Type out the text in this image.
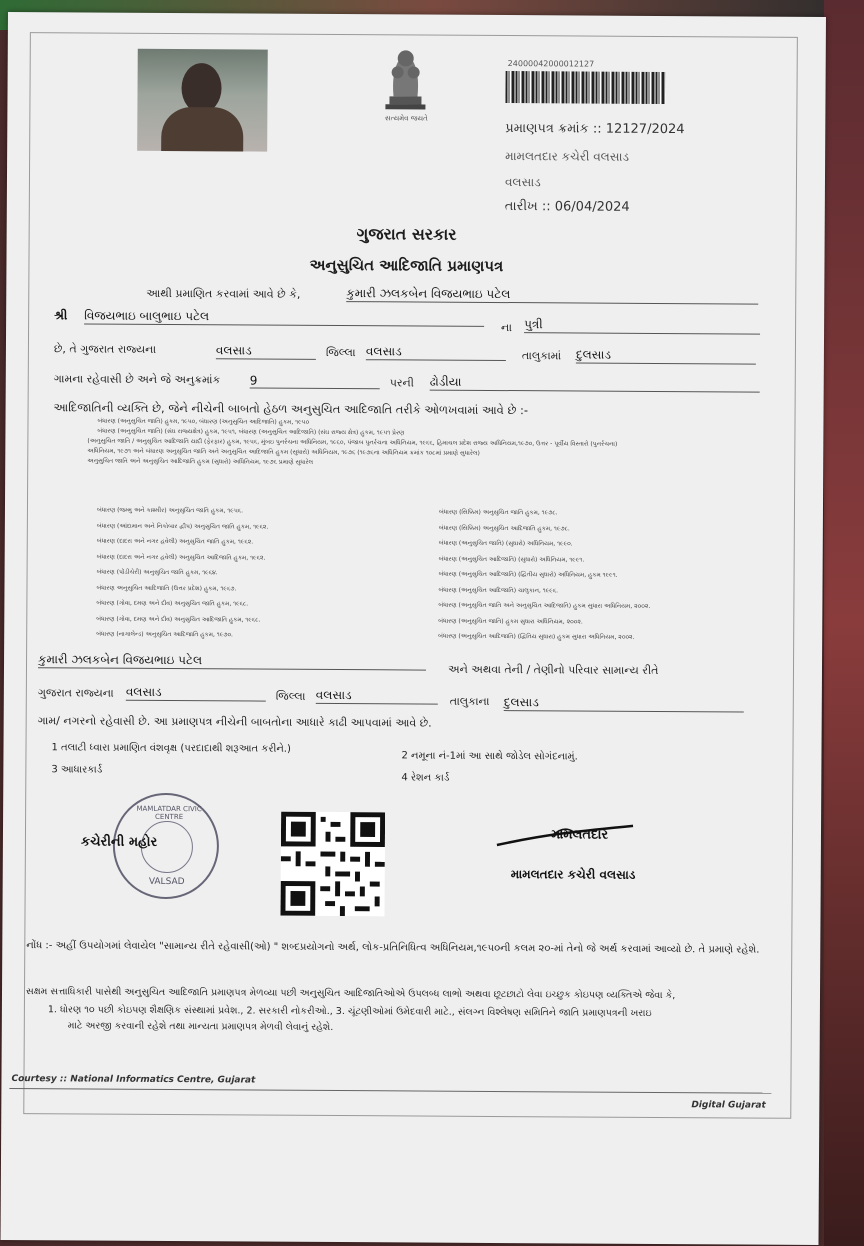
સત્યમેવ જયતે
24000042000012127
પ્રમાણપત્ર ક્રમાંક :: 12127/2024
મામલતદાર કચેરી વલસાડ
વલસાડ
તારીખ :: 06/04/2024
ગુજરાત સરકાર
અનુસુચિત આદિજાતિ પ્રમાણપત્ર
આથી પ્રમાણિત કરવામાં આવે છે કે,	કુમારી ઝલકબેન વિજયભાઇ પટેલ
શ્રી વિજયભાઇ બાલુભાઇ પટેલ
ના પુત્રી
છે, તે ગુજરાત રાજ્યના	વલસાડ	જિલ્લા વલસાડ	તાલુકામાં દુલસાડ
ગામના રહેવાસી છે અને જે અનુક્રમાંક 9	પરની ઢોડીયા
આદિજાતિની વ્યક્તિ છે, જેને નીચેની બાબતો હેઠળ અનુસુચિત આદિજાતિ તરીકે ઓળખવામાં આવે છે :-
બંધારણ (અનુસુચિત જાતિ) હુકમ, ૧૯૫૦, બંધારણ (અનુસુચિત આદિજાતિ) હુકમ, ૧૯૫૦
બંધારણ (અનુસુચિત જાતિ) (સંઘ રાજ્યક્ષેત્ર) હુકમ, ૧૯૫૧, બંધારણ (અનુસુચિત આદિજાતિ) (સંઘ રાજ્ય ક્ષેત્ર) હુકમ, ૧૯૫૧ પ્રેરણ
(અનુસુચિત જાતિ / અનુસુચિત આદિજાતિ યાદી (ફેરફાર) હુકમ, ૧૯૫૬, મુંબઇ પુનર્રચના અધિનિયમ, ૧૯૬૦, પંજાબ પુનર્રચના અધિનિયમ, ૧૯૬૬, હિમાચલ પ્રદેશ રાજ્ય અધિનિયમ,૧૯૭૦, ઉત્તર - પૂર્વીય વિસ્તારો (પુનર્રચના)
અધિનિયમ, ૧૯૭૧ અને બંધારણ અનુસુચિત જાતિ અને અનુસુચિત આદિજાતિ હુકમ (સુધારો) અધિનિયમ, ૧૯૭૬ (૧૯૭૬ના અધિનિયમ ક્રમાંક ૧૦૮માં પ્રમાણે સુધારેલ)
અનુસુચિત જાતિ અને અનુસુચિત આદિજાતિ હુકમ (સુધારો) અધિનિયમ, ૧૯૭૬ પ્રમાણે સુધારેલ
બંધારણ (જમ્મુ અને કાશ્મીર) અનુસુચિત જાતિ હુકમ, ૧૯૫૬.
બંધારણ (આંદામાન અને નિકોબાર દ્વીપ) અનુસુચિત જાતિ હુકમ, ૧૯૬૨.
બંધારણ (દાદરા અને નગર હવેલી) અનુસુચિત જાતિ હુકમ, ૧૯૬૨.
બંધારણ (દાદરા અને નગર હવેલી) અનુસુચિત આદિજાતિ હુકમ, ૧૯૬૨.
બંધારણ (પોંડીચેરી) અનુસુચિત જાતિ હુકમ, ૧૯૬૪.
બંધારણ અનુસુચિત આદિજાતિ (ઉત્તર પ્રદેશ) હુકમ, ૧૯૬૭.
બંધારણ (ગોવા, દમણ અને દીવ) અનુસુચિત જાતિ હુકમ, ૧૯૬૮.
બંધારણ (ગોવા, દમણ અને દીવ) અનુસુચિત આદિજાતિ હુકમ, ૧૯૬૮.
બંધારણ (નાગાલેન્ડ) અનુસુચિત આદિજાતિ હુકમ, ૧૯૭૦.
બંધારણ (સિક્કિમ) અનુસુચિત જાતિ હુકમ, ૧૯૭૮.
બંધારણ (સિક્કિમ) અનુસુચિત આદિજાતિ હુકમ, ૧૯૭૮.
બંધારણ (અનુસુચિત જાતિ) (સુધારો) અધિનિયમ, ૧૯૯૦.
બંધારણ (અનુસુચિત આદિજાતિ) (સુધારો) અધિનિયમ, ૧૯૯૧.
બંધારણ (અનુસુચિત આદિજાતિ) (દ્વિતીય સુધારો) અધિનિયમ, હુકમ ૧૯૯૧.
બંધારણ (અનુસુચિત આદિજાતિ) ચાલુકાન, ૧૯૯૬.
બંધારણ (અનુસુચિત જાતિ અને અનુસુચિત આદિજાતિ) હુકમ સુધારા અધિનિયમ, ૨૦૦૨.
બંધારણ (અનુસુચિત જાતિ) હુકમ સુધારા અધિનિયમ, ૨૦૦૨.
બંધારણ (અનુસુચિત આદિજાતિ) (દ્વિતિય સુધારા) હુકમ સુધારા અધિનિયમ, ૨૦૦૨.
કુમારી ઝલકબેન વિજયભાઇ પટેલ
અને અથવા તેની / તેણીનો પરિવાર સામાન્ય રીતે
ગુજરાત રાજ્યના વલસાડ	જિલ્લા વલસાડ	તાલુકાના દુલસાડ
ગામ/ નગરનો રહેવાસી છે. આ પ્રમાણપત્ર નીચેની બાબતોના આધારે કાઢી આપવામાં આવે છે.
1 તલાટી ધ્વારા પ્રમાણિત વંશવૃક્ષ (પરદાદાથી શરૂઆત કરીને.)
2 નમૂના નં-1માં આ સાથે જોડેલ સોગંદનામું.
3 આધારકાર્ડ
4 રેશન કાર્ડ
MAMLATDAR CIVIC CENTRE
VALSAD
કચેરીની મહોર	મામલતદાર
મામલતદાર કચેરી વલસાડ
નોંધ :- અહીં ઉપયોગમાં લેવાયેલ "સામાન્ય રીતે રહેવાસી(ઓ) " શબ્દપ્રયોગનો અર્થ, લોક-પ્રતિનિધિત્વ અધિનિયમ,૧૯૫૦ની કલમ ૨૦-માં તેનો જે અર્થ કરવામાં આવ્યો છે. તે પ્રમાણે રહેશે.
સક્ષમ સત્તાધિકારી પાસેથી અનુસુચિત આદિજાતિ પ્રમાણપત્ર મેળવ્યા પછી અનુસુચિત આદિજાતિઓએ ઉપલબ્ધ લાભો અથવા છૂટછાટો લેવા ઇચ્છુક કોઇપણ વ્યક્તિએ જેવા કે,
1. ધોરણ ૧૦ પછી કોઇપણ શૈક્ષણિક સંસ્થામાં પ્રવેશ., 2. સરકારી નોકરીઓ., 3. ચૂંટણીઓમાં ઉમેદવારી માટે., સંલગ્ન વિશ્લેષણ સમિતિને જાતિ પ્રમાણપત્રની ખરાઇ
માટે અરજી કરવાની રહેશે તથા માન્યતા પ્રમાણપત્ર મેળવી લેવાનું રહેશે.
Courtesy :: National Informatics Centre, Gujarat
Digital Gujarat
